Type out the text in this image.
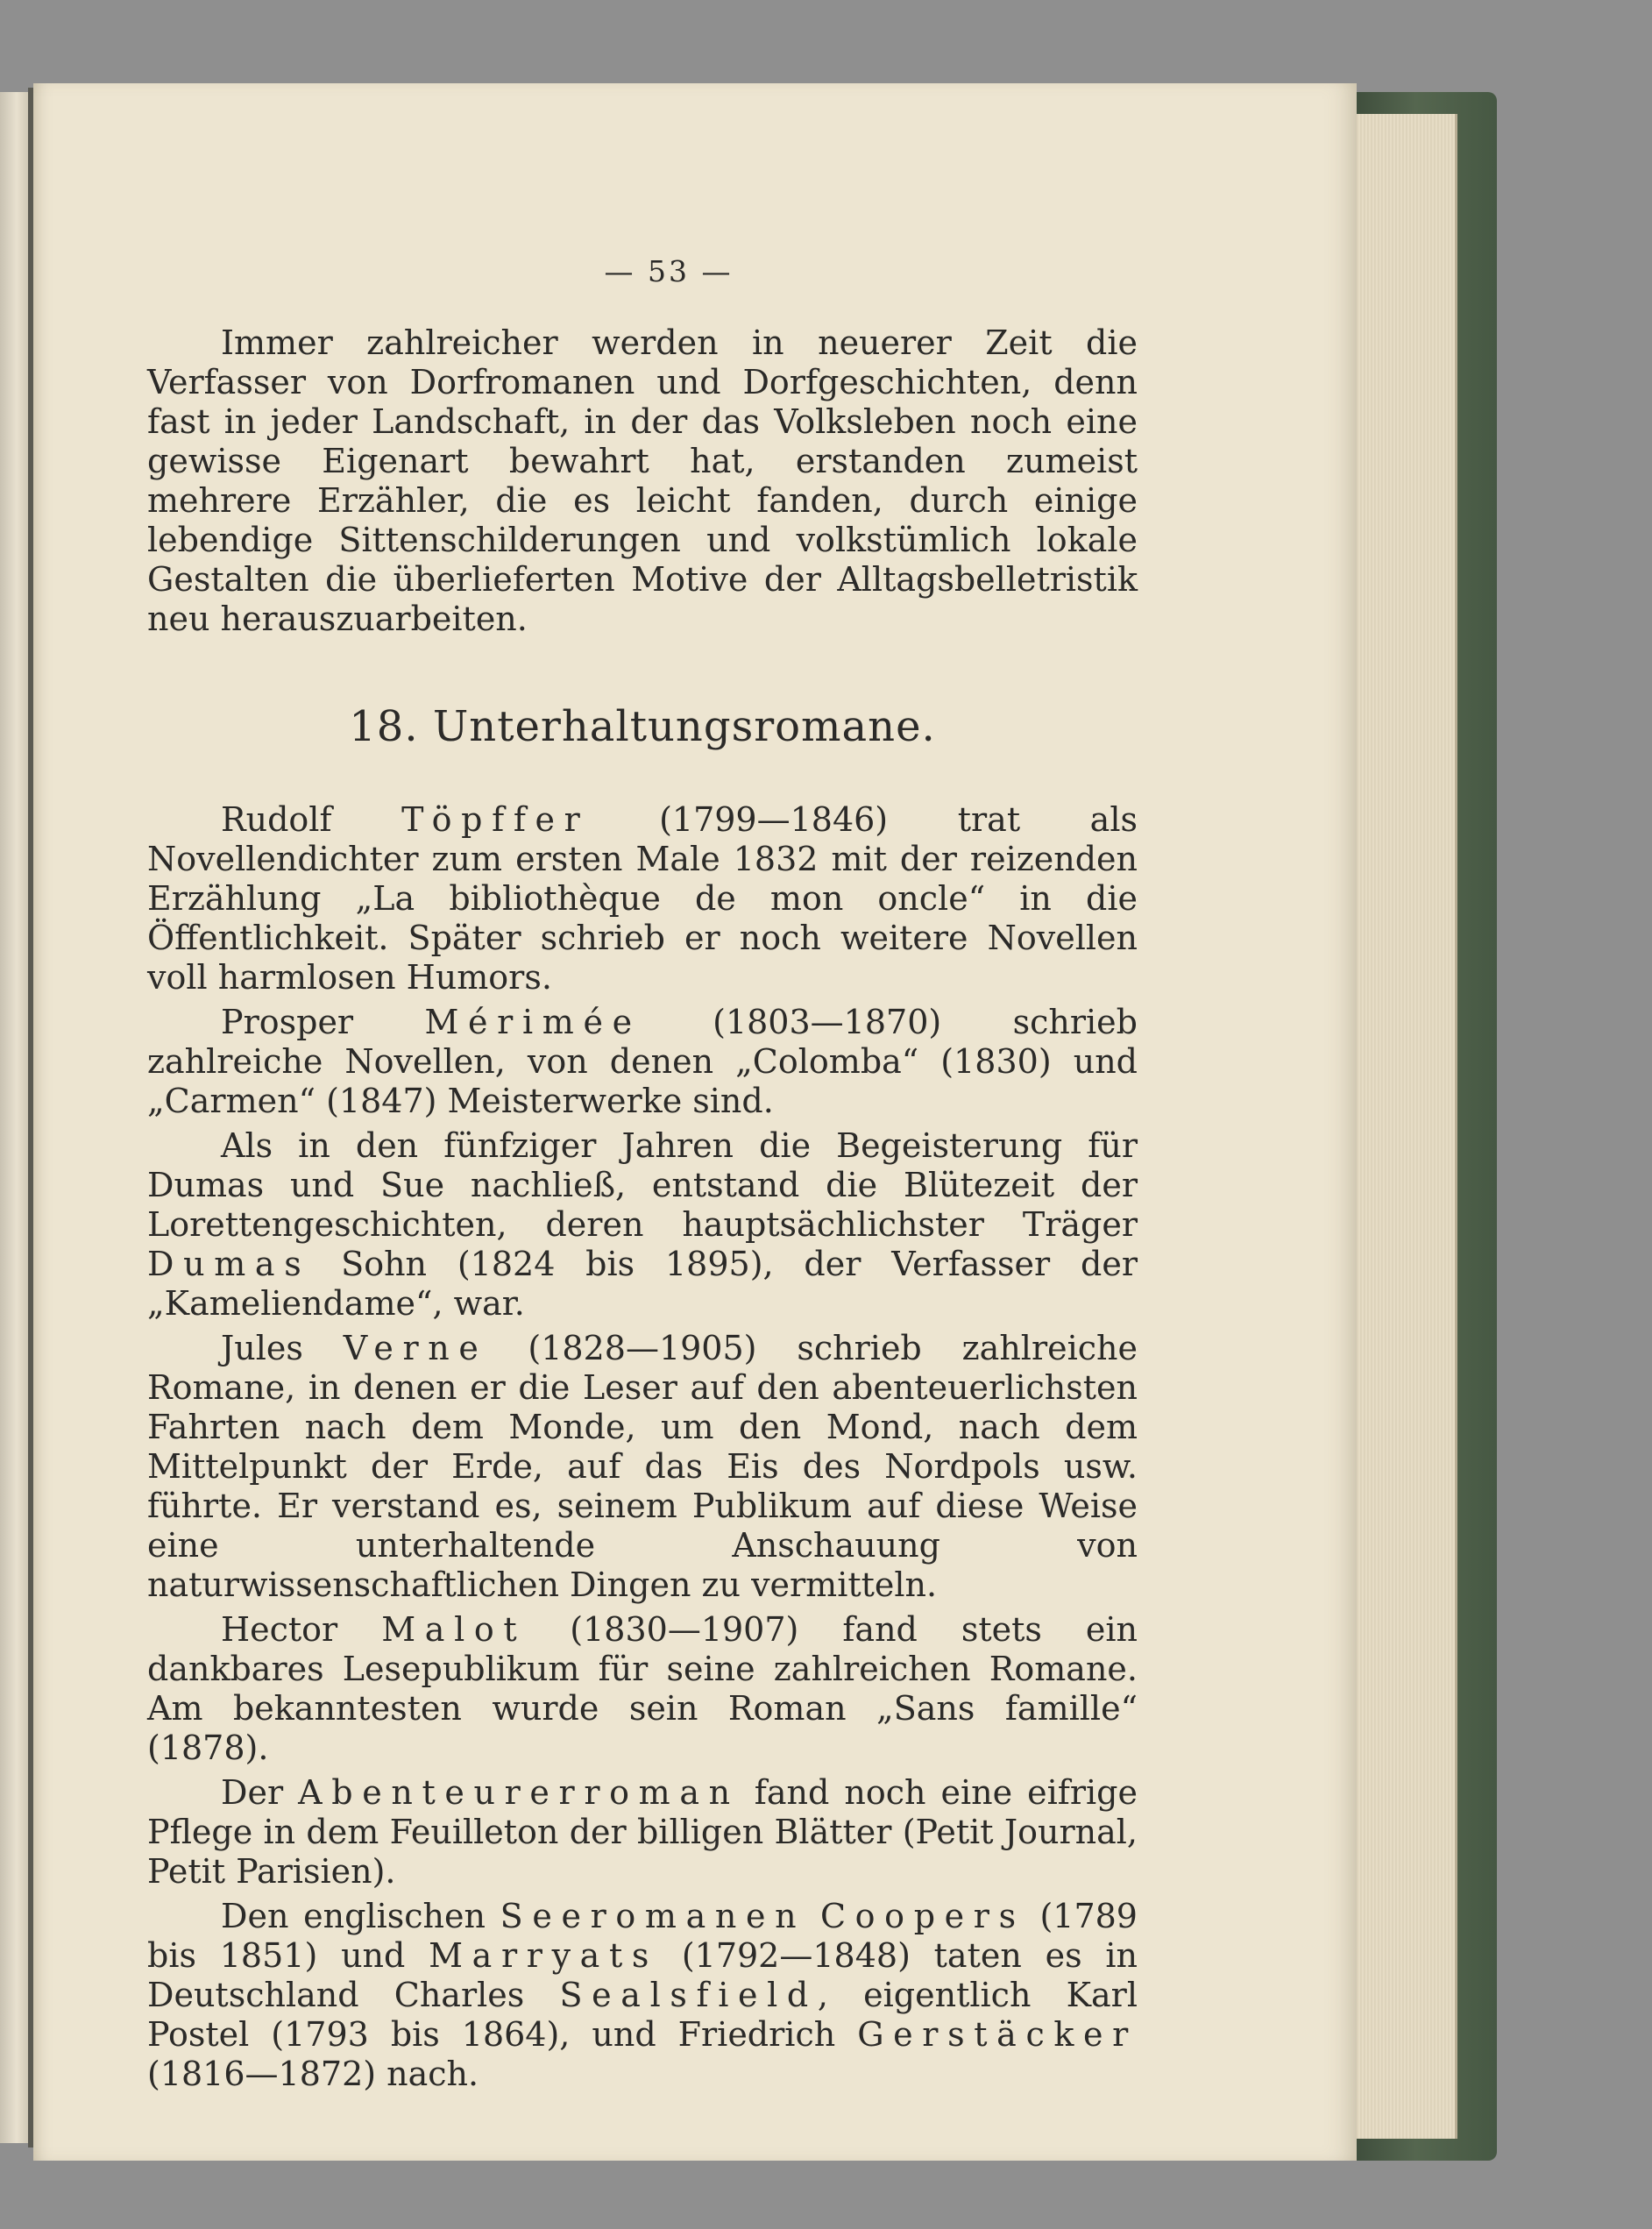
— 53 —

Immer zahlreicher werden in neuerer Zeit die Verfasser von Dorfromanen und Dorfgeschichten, denn fast in jeder Landschaft, in der das Volksleben noch eine gewisse Eigenart bewahrt hat, erstanden zumeist mehrere Erzähler, die es leicht fanden, durch einige lebendige Sittenschilderungen und volkstümlich lokale Gestalten die überlieferten Motive der Alltagsbelletristik neu herauszuarbeiten.

18. Unterhaltungsromane.

Rudolf Töpffer (1799—1846) trat als Novellendichter zum ersten Male 1832 mit der reizenden Erzählung „La bibliothèque de mon oncle“ in die Öffentlichkeit. Später schrieb er noch weitere Novellen voll harmlosen Humors.

Prosper Mérimée (1803—1870) schrieb zahlreiche Novellen, von denen „Colomba“ (1830) und „Carmen“ (1847) Meisterwerke sind.

Als in den fünfziger Jahren die Begeisterung für Dumas und Sue nachließ, entstand die Blütezeit der Lorettengeschichten, deren hauptsächlichster Träger Dumas Sohn (1824 bis 1895), der Verfasser der „Kameliendame“, war.

Jules Verne (1828—1905) schrieb zahlreiche Romane, in denen er die Leser auf den abenteuerlichsten Fahrten nach dem Monde, um den Mond, nach dem Mittelpunkt der Erde, auf das Eis des Nordpols usw. führte. Er verstand es, seinem Publikum auf diese Weise eine unterhaltende Anschauung von naturwissenschaftlichen Dingen zu vermitteln.

Hector Malot (1830—1907) fand stets ein dankbares Lesepublikum für seine zahlreichen Romane. Am bekanntesten wurde sein Roman „Sans famille“ (1878).

Der Abenteurerroman fand noch eine eifrige Pflege in dem Feuilleton der billigen Blätter (Petit Journal, Petit Parisien).

Den englischen Seeromanen Coopers (1789 bis 1851) und Marryats (1792—1848) taten es in Deutschland Charles Sealsfield, eigentlich Karl Postel (1793 bis 1864), und Friedrich Gerstäcker (1816—1872) nach.
